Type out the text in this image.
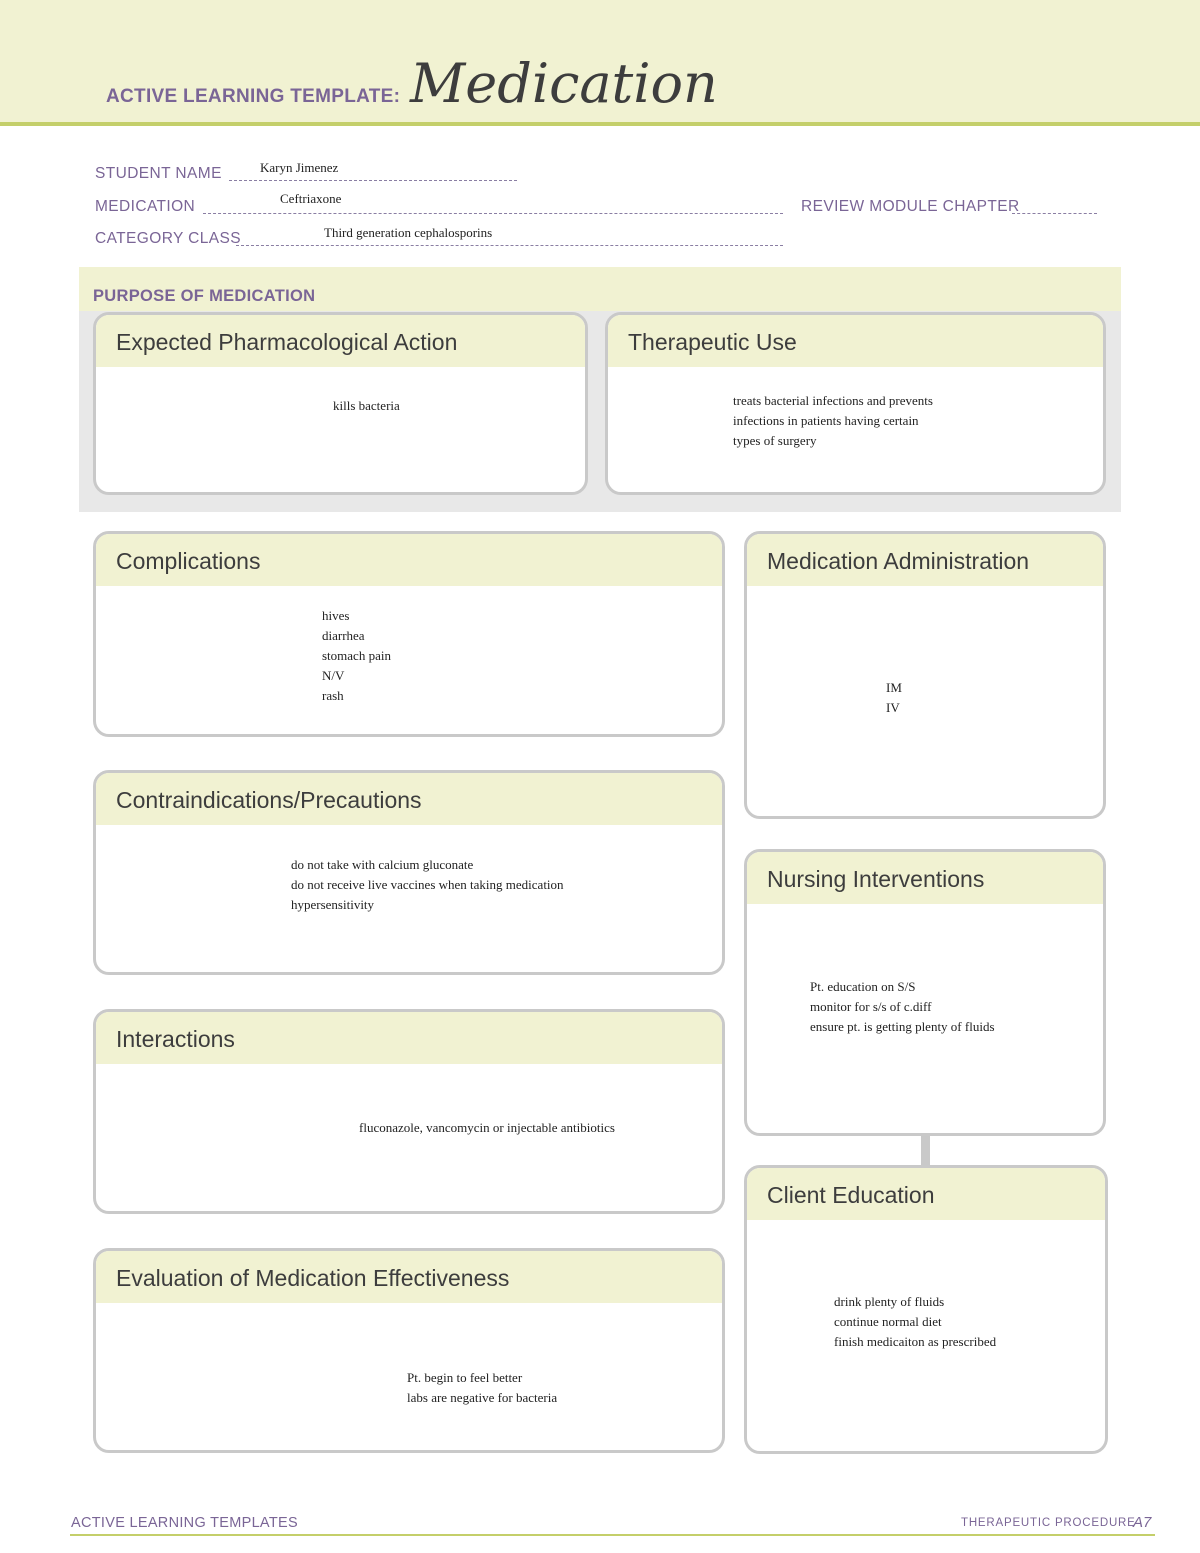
ACTIVE LEARNING TEMPLATE: Medication
STUDENT NAME	Karyn Jimenez
MEDICATION	Ceftriaxone	REVIEW MODULE CHAPTER
CATEGORY CLASS	Third generation cephalosporins
PURPOSE OF MEDICATION
Expected Pharmacological Action
kills bacteria
Therapeutic Use
treats bacterial infections and prevents
infections in patients having certain
types of surgery
Complications
hives
diarrhea
stomach pain
N/V
rash
Contraindications/Precautions
do not take with calcium gluconate
do not receive live vaccines when taking medication
hypersensitivity
Interactions
fluconazole, vancomycin or injectable antibiotics
Evaluation of Medication Effectiveness
Pt. begin to feel better
labs are negative for bacteria
Medication Administration
IM
IV
Nursing Interventions
Pt. education on S/S
monitor for s/s of c.diff
ensure pt. is getting plenty of fluids
Client Education
drink plenty of fluids
continue normal diet
finish medicaiton as prescribed
ACTIVE LEARNING TEMPLATES	THERAPEUTIC PROCEDURE
A7
